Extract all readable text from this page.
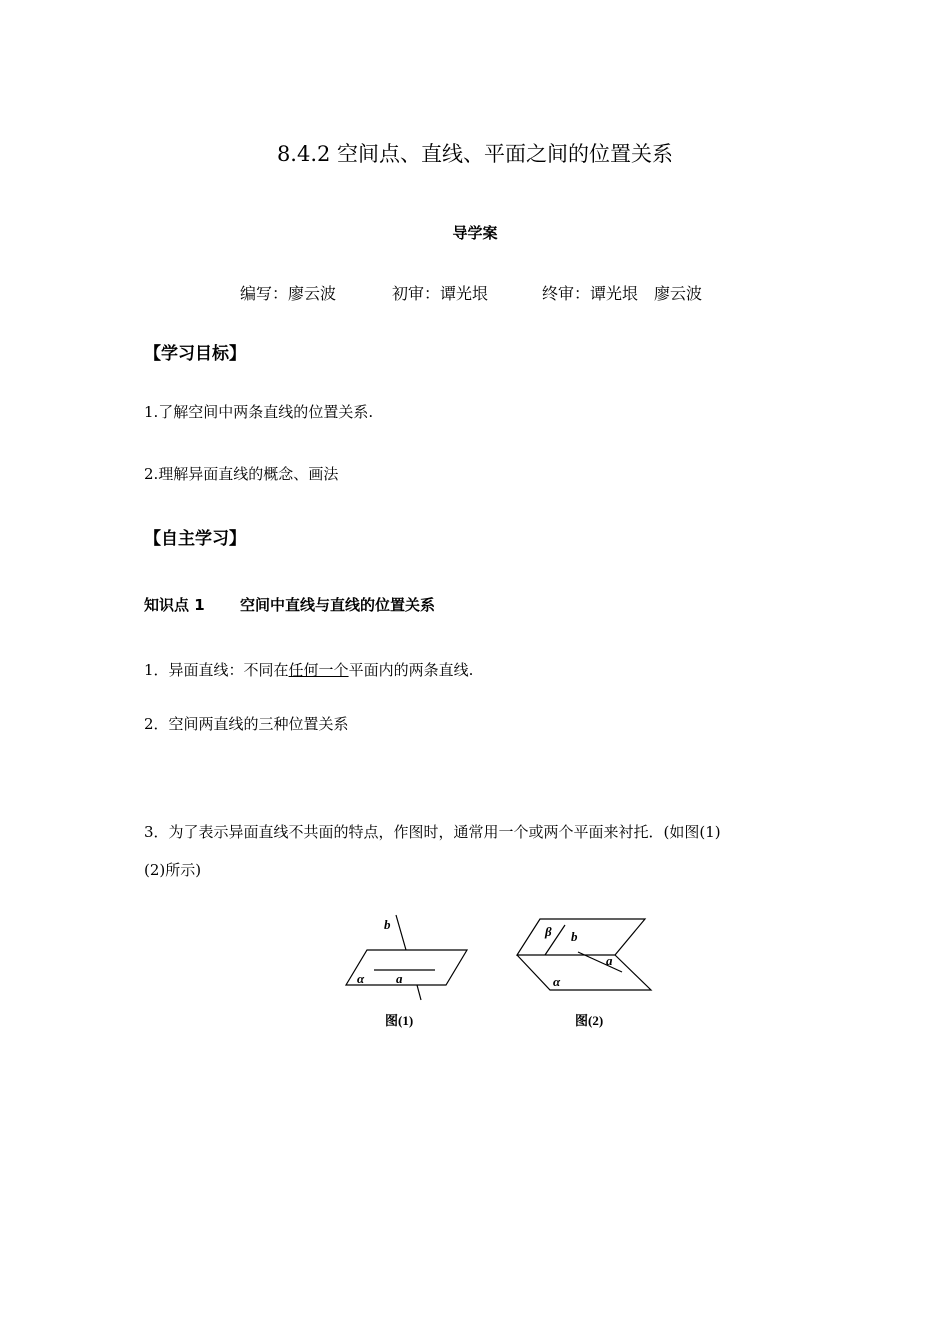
8.4.2 空间点、直线、平面之间的位置关系
导学案
编写：廖云波	初审：谭光垠	终审：谭光垠　廖云波
【学习目标】
1.了解空间中两条直线的位置关系.
2.理解异面直线的概念、画法
【自主学习】
知识点 1 空间中直线与直线的位置关系
1．异面直线：不同在任何一个平面内的两条直线.
2．空间两直线的三种位置关系
3．为了表示异面直线不共面的特点，作图时，通常用一个或两个平面来衬托．(如图(1)
(2)所示)
b
a
α
图(1)
β b
a
α
图(2)
